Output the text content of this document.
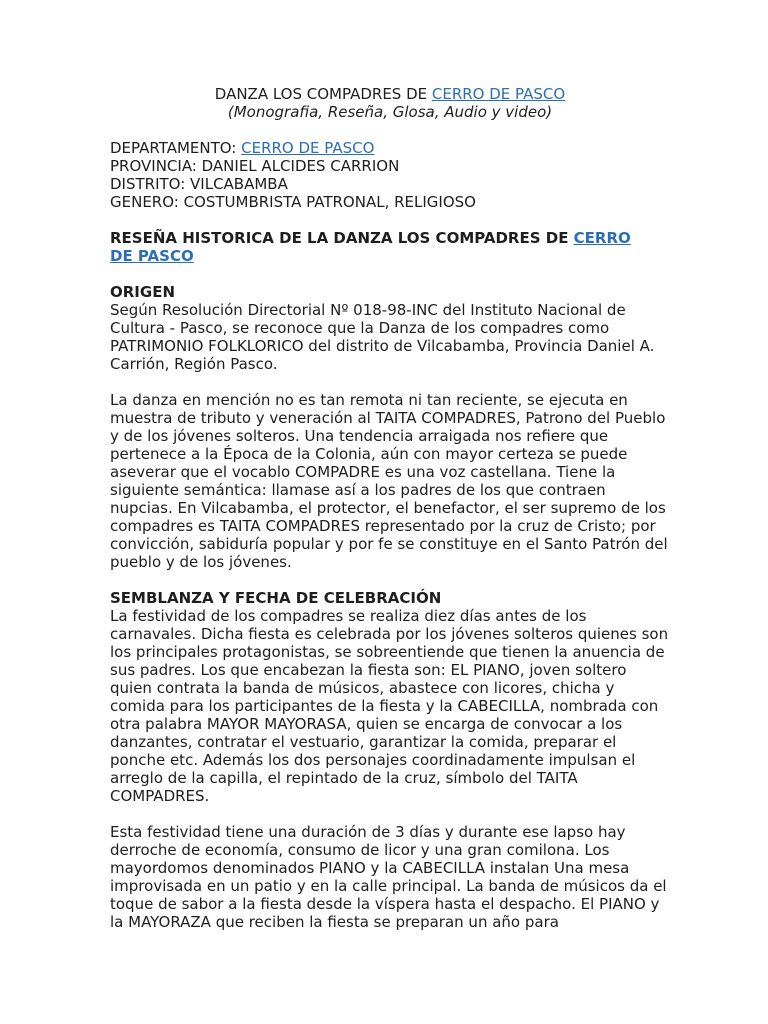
DANZA LOS COMPADRES DE CERRO DE PASCO

(Monografia, Reseña, Glosa, Audio y video)

DEPARTAMENTO: CERRO DE PASCO

PROVINCIA: DANIEL ALCIDES CARRION

DISTRITO: VILCABAMBA

GENERO: COSTUMBRISTA PATRONAL, RELIGIOSO

RESEÑA HISTORICA DE LA DANZA LOS COMPADRES DE CERRO
DE PASCO

ORIGEN

Según Resolución Directorial Nº 018-98-INC del Instituto Nacional de Cultura - Pasco, se reconoce que la Danza de los compadres como PATRIMONIO FOLKLORICO del distrito de Vilcabamba, Provincia Daniel A. Carrión, Región Pasco.

La danza en mención no es tan remota ni tan reciente, se ejecuta en muestra de tributo y veneración al TAITA COMPADRES, Patrono del Pueblo y de los jóvenes solteros. Una tendencia arraigada nos refiere que pertenece a la Época de la Colonia, aún con mayor certeza se puede aseverar que el vocablo COMPADRE es una voz castellana. Tiene la siguiente semántica: llamase así a los padres de los que contraen nupcias. En Vilcabamba, el protector, el benefactor, el ser supremo de los compadres es TAITA COMPADRES representado por la cruz de Cristo; por convicción, sabiduría popular y por fe se constituye en el Santo Patrón del pueblo y de los jóvenes.

SEMBLANZA Y FECHA DE CELEBRACIÓN

La festividad de los compadres se realiza diez días antes de los carnavales. Dicha fiesta es celebrada por los jóvenes solteros quienes son los principales protagonistas, se sobreentiende que tienen la anuencia de sus padres. Los que encabezan la fiesta son: EL PIANO, joven soltero quien contrata la banda de músicos, abastece con licores, chicha y comida para los participantes de la fiesta y la CABECILLA, nombrada con otra palabra MAYOR MAYORASA, quien se encarga de convocar a los danzantes, contratar el vestuario, garantizar la comida, preparar el ponche etc. Además los dos personajes coordinadamente impulsan el arreglo de la capilla, el repintado de la cruz, símbolo del TAITA COMPADRES.

Esta festividad tiene una duración de 3 días y durante ese lapso hay derroche de economía, consumo de licor y una gran comilona. Los mayordomos denominados PIANO y la CABECILLA instalan Una mesa improvisada en un patio y en la calle principal. La banda de músicos da el toque de sabor a la fiesta desde la víspera hasta el despacho. El PIANO y la MAYORAZA que reciben la fiesta se preparan un año para
